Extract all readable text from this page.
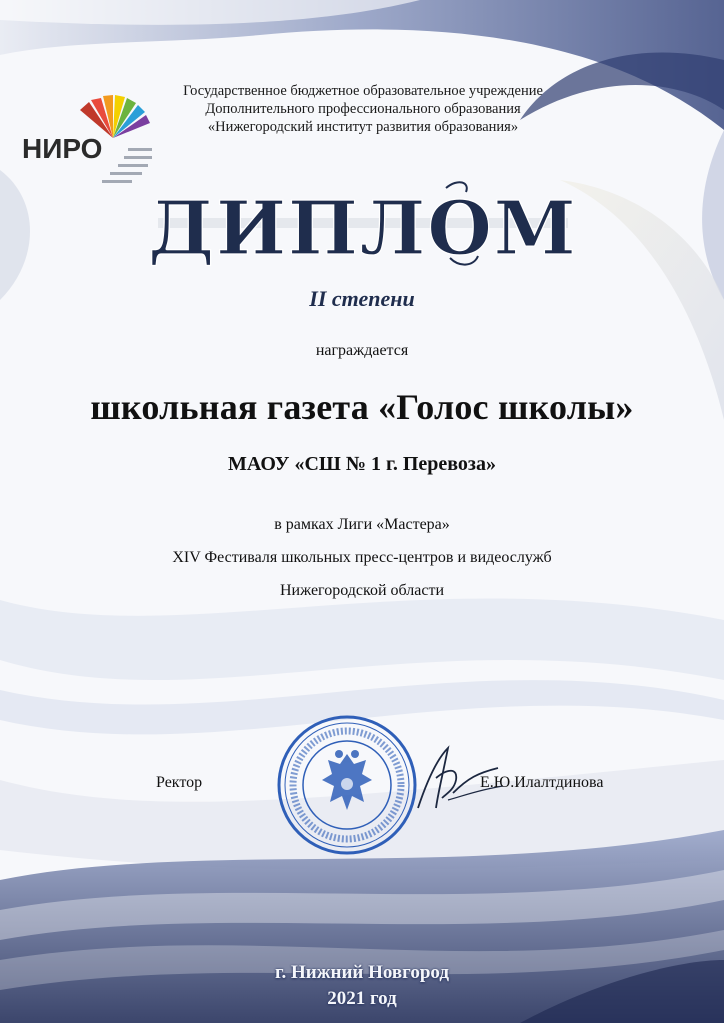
НИРО
Государственное бюджетное образовательное учреждение
Дополнительного профессионального образования
«Нижегородский институт развития образования»
ДИПЛОМ
II степени
награждается
школьная газета «Голос школы»
МАОУ «СШ № 1 г. Перевоза»
в рамках Лиги «Мастера»
XIV Фестиваля школьных пресс-центров и видеослужб
Нижегородской области
Ректор	Е.Ю.Илалтдинова
г. Нижний Новгород
2021 год
